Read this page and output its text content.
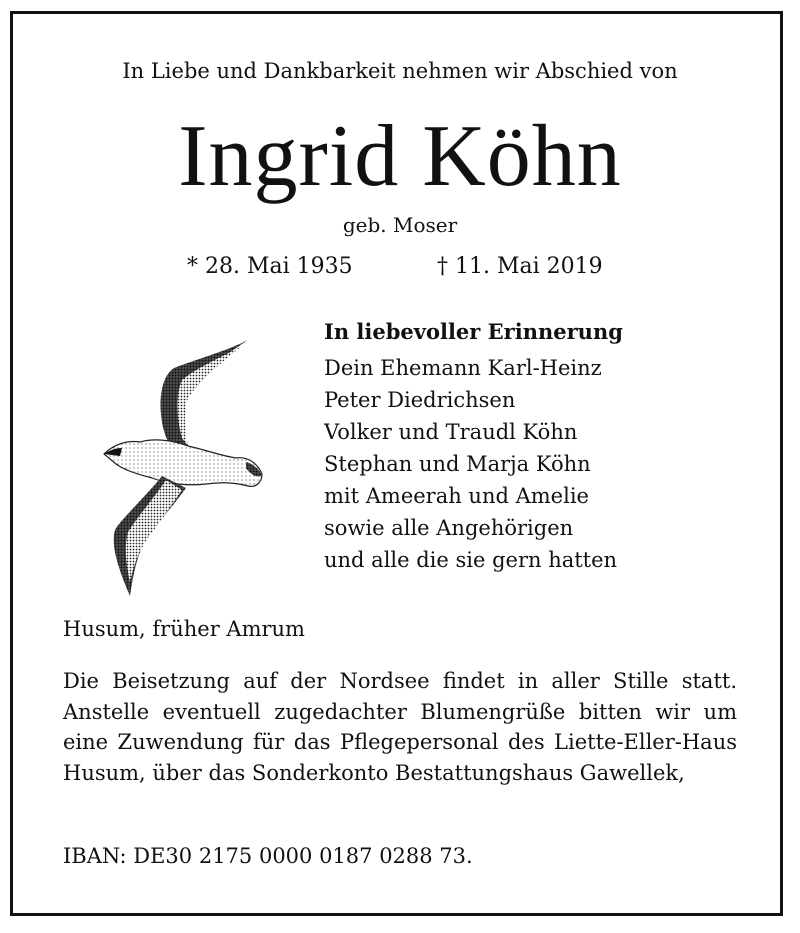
In Liebe und Dankbarkeit nehmen wir Abschied von
Ingrid Köhn
geb. Moser
* 28. Mai 1935	† 11. Mai 2019
In liebevoller Erinnerung
Dein Ehemann Karl-Heinz
Peter Diedrichsen
Volker und Traudl Köhn
Stephan und Marja Köhn
mit Ameerah und Amelie
sowie alle Angehörigen
und alle die sie gern hatten
Husum, früher Amrum

Die Beisetzung auf der Nordsee findet in aller Stille statt. Anstelle eventuell zugedachter Blumengrüße bitten wir um eine Zuwendung für das Pflegepersonal des Liette-Eller-Haus Husum, über das Sonderkonto Bestattungshaus Gawellek,

IBAN: DE30 2175 0000 0187 0288 73.
